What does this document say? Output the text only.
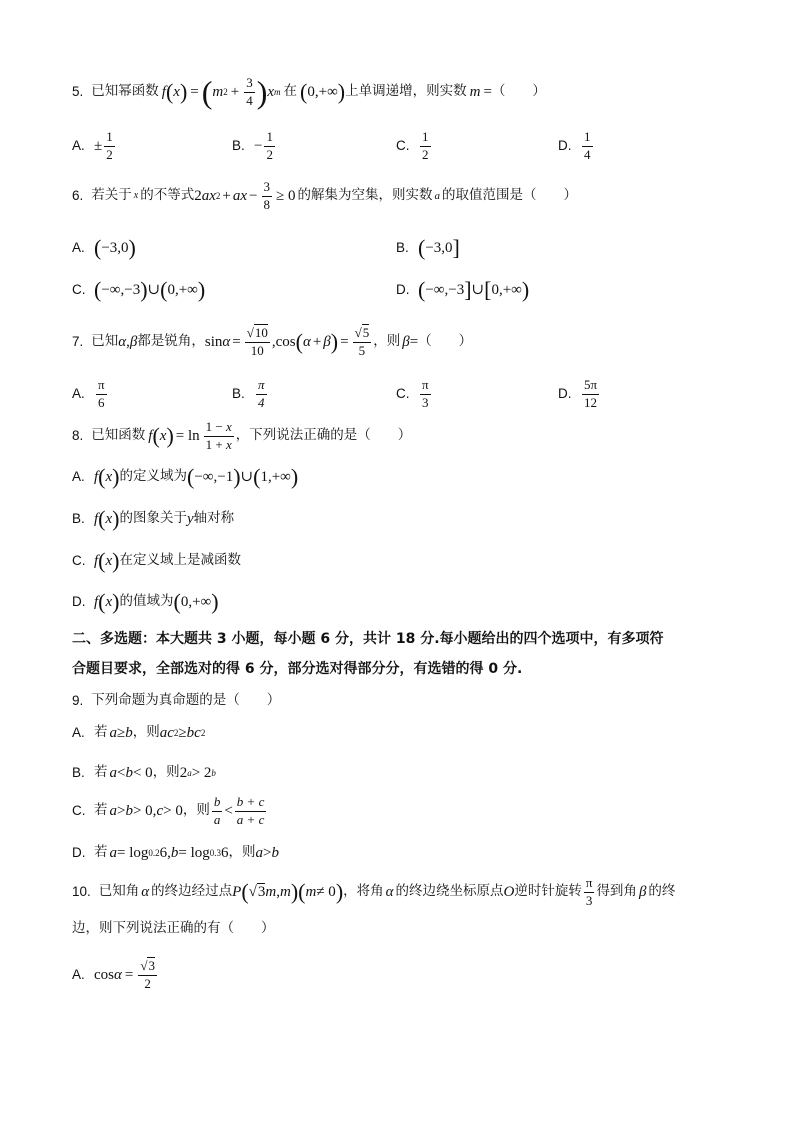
5. 已知幂函数 f ( x ) = ( m $2 + \frac{3}{4}$ ) x m 在 ( 0,+∞ ) 上单调递增，则实数 m = （　　）
A. ± $\frac{1}{2}$	B. − $\frac{1}{2}$	C. $\frac{1}{2}$	D. $\frac{1}{4}$
6. 若关于 x 的不等式 2 ax 2 + ax − $\frac{3}{8} \ge 0$ 的解集为空集，则实数 a 的取值范围是（　　）
A. ( −3,0 )	B. ( −3,0 ]
C. ( −∞,−3 ) ∪ ( 0,+∞ )	D. ( −∞,−3 ] ∪ [ 0,+∞ )
7. 已知 α , β 都是锐角， $\sin \alpha = \frac{√10}{10} ,\cos$ ( α + β ) = $\frac{√5}{5}$ ，则 β = （　　）
A. $\frac{\pi}{6}$	B. $\frac{\pi}{4}$	C. $\frac{\pi}{3}$	D. $\frac{5\pi}{12}$
8. 已知函数 f ( x ) = $\ln \frac{1 - x}{1 + x}$ ，下列说法正确的是（　　）
A. f ( x ) 的定义域为 ( −∞,−1 ) ∪ ( 1,+∞ )
B. f ( x ) 的图象关于 y 轴对称
C. f ( x ) 在定义域上是减函数
D. f ( x ) 的值域为 ( 0,+∞ )
二、多选题：本大题共 3 小题，每小题 6 分，共计 18 分.每小题给出的四个选项中，有多项符
合题目要求，全部选对的得 6 分，部分选对得部分分，有选错的得 0 分.
9. 下列命题为真命题的是（　　）
A. 若 a ≥ b ，则 ac 2 ≥ bc 2
B. 若 a < b < 0 ，则 2 a > 2 b
C. 若 a > b > 0, c > 0 ，则 $\frac{b}{a} < \frac{b + c}{a + c}$
D. 若 a = log 0.2 6, b = log 0.3 6 ，则 a > b
10. 已知角 α 的终边经过点 P ( √3 m , m ) ( m ≠ 0 ) ，将角 α 的终边绕坐标原点 O 逆时针旋转 $\frac{\pi}{3}$ 得到角 β 的终
边，则下列说法正确的有（　　）
A. $\cos \alpha = \frac{√3}{2}$
